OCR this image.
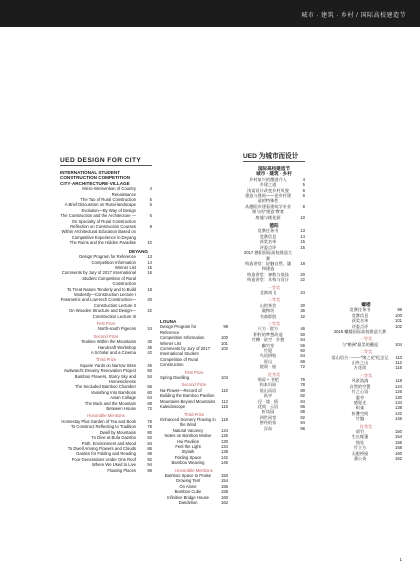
城市 · 建筑 · 乡村 / 国际高校建造节
UED DESIGN FOR CITY
INTERNATIONAL STUDENT CONSTRUCTION COMPETITION CITY·ARCHITECTURE·VILLAGE
Micro-intervention of Country Renaissance
4
The Tao of Rural Construction	5
A Brief Discussion on Rural-landscape Evolution—By Way of Design
6
The Construction and the Architecture —On Specialty of Rural Construction
6
Reflection on Construction Courses Within Architectural Education Based on Competitive Experience in Deyang
8
The Ruins and the Hidden Paradise	10
DEYANG
Design Program for Reference	13
Competition Information	14
Winner List	15
Comments by Jury of 2017 International Student Competition of Rural Construction
16
To Treat Nature Tenderly and to Build Modestly—Construction Lecture I
18
Parametric and Low-tech Construction—Construction Lecture II
20
On Wooden Structure and Design—Construction Lecture III
22
First Prize
North-south Pigeons	24
Second Prize
Teatime Within the Mountains	30
Handcraft Workshop	36
A Scholar and a Cinema	42
Third Prize
Square Yards on Narrow Sites	46
Awkward's Dreamy Renovation Project	50
Bamboo Flowers, Starry Sky and Homesickness
54
The Secluded Bamboo Chamber	56
Vanishing Into Bamboos	60
Avian Collage	64
The Back and the Mountain	68
Between House	72
Honorable Mentions
Homestay Plus Garden of Tea and Book	76
To Construct Reflecting to Tradition	78
Dwell by Mountains	80
To Dine at Bufa Gazebo	82
Path, Environment and Mood	84
To Dwell Among Flowers and Clouds	86
Garden for Folding and Reading	88
Four Generations Under One Roof	92
Where We Used to Live	94
Floating Places	96
LOUNA
Design Program for Reference
99
Competition Information	100
Winner List	101
Comments by Jury of 2017 International Student Competition of Rural Construction
102
First Prize
Spring Dwelling	104
Second Prize
Na-Flower—Record of Building the Bamboo Pavilion
110
Mountains Beyond Mountains	112
Kaleidoscope	116
Third Prize
Enhanced Scenery Flowing in the Wind
118
Natural Vacancy	124
Notes on Bamboo Motive	126
Hui Pavilion	130
Feel the Light	134
Stylark	138
Folding Space	142
Bamboo Weaving	146
Honorable Mentions
Bamboo Space to Praise	150
Growing Tent	154
On Alone	156
Bamboo Cube	158
Infinitive Bridge House	160
Dandelion	162
UED 为城市而设计
国际高校建造节
城市 · 建筑 · 乡村
乡村复兴的微创介入	4
乡建之道	5
浅谈设计改变乡村风貌	6
建造与建筑——论乡村建造的特殊性
6
从德阳乡建看建筑学专业课与的“建造”教育
8
废墟与桃花源	10
德阳
竞赛任务书	13
竞赛信息	14
获奖名单	15
评委点评	16
2017 德阳国际高校建造大赛
构造讲堂：轻触自然，谦和建造
18
构造讲堂：参数与低技	20
构造讲堂：木构与设计	22
一等奖
北鸽南飞	24
二等奖
山的茶会	30
做物坊	36
书斋影院	42
三等奖
尺方 · 院方	46
积籽的梦想改造	50
竹樽 · 星空 · 乡愁	54
幽竹室	56
竹隐	60
鸟语拼贴	64
屏山	68
院间 · 屋	72
优秀奖
茶园 + 书吧	76
构本归原	78
依山而居	80
筑亭	82
径 · 境 · 情	84
花间 · 云居	86
折读园	88
四世同堂	92
曾经的家	94
浮岛	96
螺楼
竞赛任务书	99
竞赛信息	100
获奖名单	101
评委点评	102
2016 螺楼国际高校建造大赛
一等奖
与“栖洲”最美的邂逅	104
二等奖
落山语合一——“锦之花”纪念记	110
山外之山	112
万花筒	116
三等奖
风景流淌	118
自然的空置	124
竹之心语	126
惠亭	130
感觉光	134
织雀	138
折叠空间	142
竹编	146
优秀奖
颂竹	150
生长帐篷	154
独处	156
竹立方	158
无限桥屋	160
蒲公英	162
1
